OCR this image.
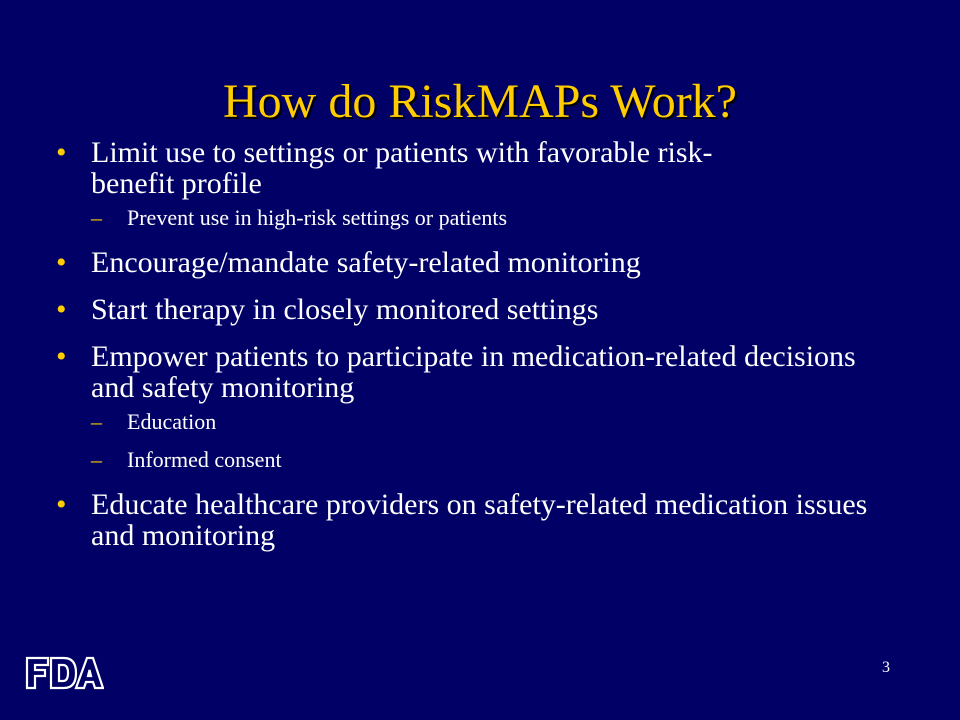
How do RiskMAPs Work?
• Limit use to settings or patients with favorable risk-
benefit profile
– Prevent use in high-risk settings or patients
• Encourage/mandate safety-related monitoring
• Start therapy in closely monitored settings
• Empower patients to participate in medication-related decisions and safety monitoring
– Education
– Informed consent
• Educate healthcare providers on safety-related medication issues and monitoring
3
